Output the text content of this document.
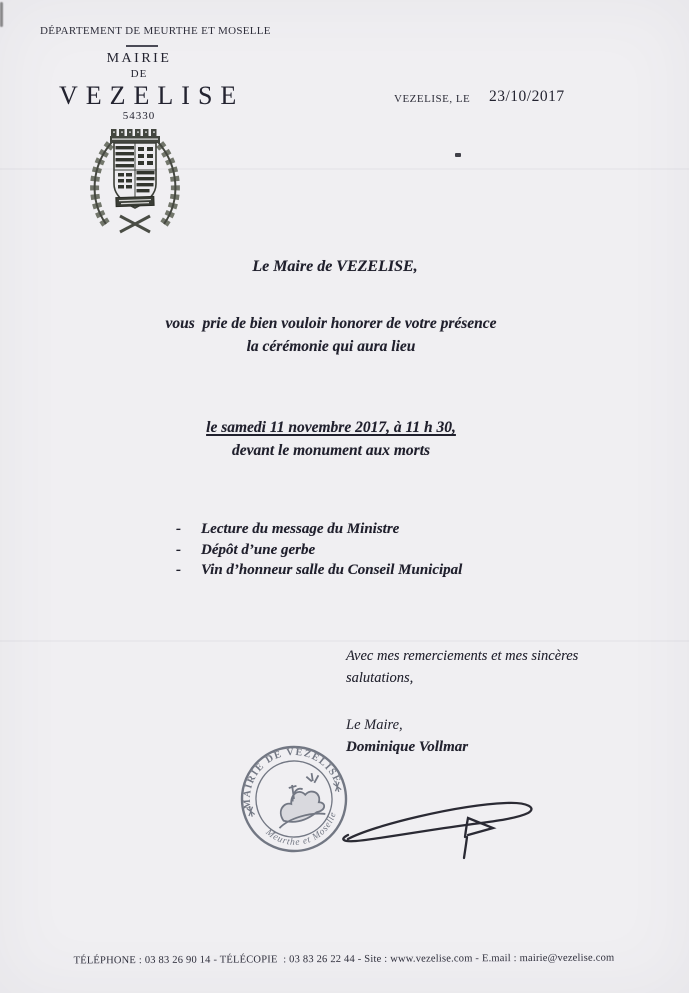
DÉPARTEMENT DE MEURTHE ET MOSELLE
MAIRIE
DE
VEZELISE
54330
VEZELISE, LE 23/10/2017
Le Maire de VEZELISE,
vous  prie de bien vouloir honorer de votre présence
la cérémonie qui aura lieu
le samedi 11 novembre 2017, à 11 h 30,
devant le monument aux morts
-	Lecture du message du Ministre
-	Dépôt d’une gerbe
-	Vin d’honneur salle du Conseil Municipal
Avec mes remerciements et mes sincères
salutations,
Le Maire,
Dominique Vollmar
MAIRIE DE VEZELISE
Meurthe et Moselle
TÉLÉPHONE : 03 83 26 90 14 - TÉLÉCOPIE  : 03 83 26 22 44 - Site : www.vezelise.com - E.mail : mairie@vezelise.com
